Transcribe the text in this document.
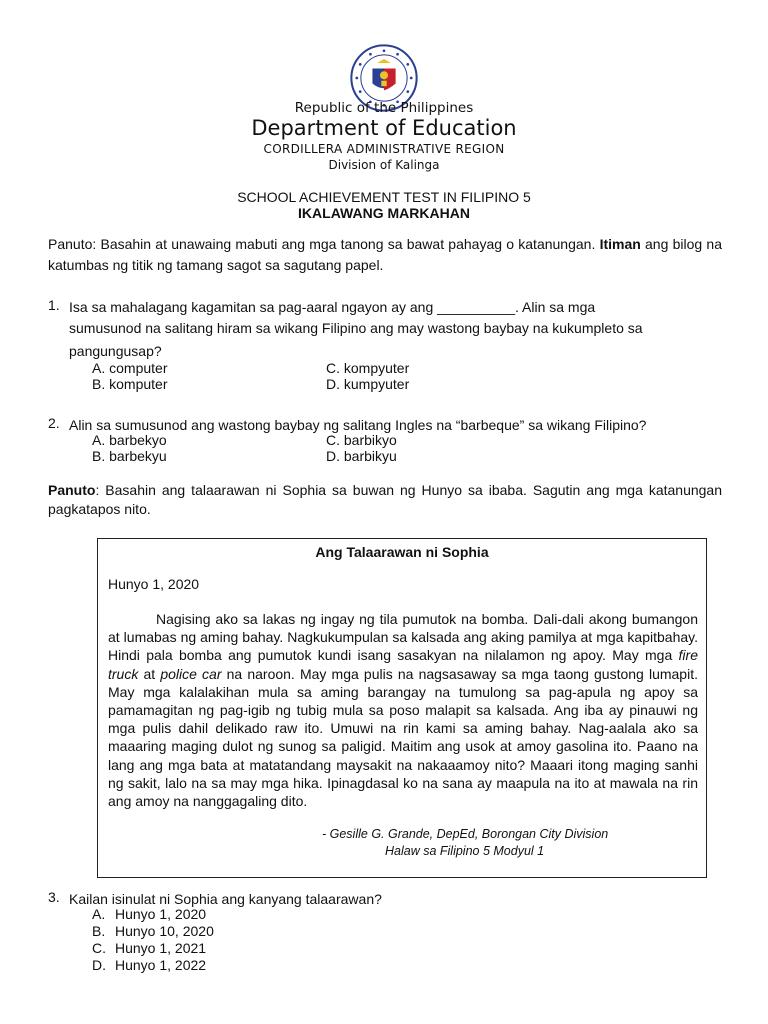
Republic of the Philippines
Department of Education
CORDILLERA ADMINISTRATIVE REGION
Division of Kalinga
SCHOOL ACHIEVEMENT TEST IN FILIPINO 5
IKALAWANG MARKAHAN
Panuto: Basahin at unawaing mabuti ang mga tanong sa bawat pahayag o katanungan. Itiman ang bilog na katumbas ng titik ng tamang sagot sa sagutang papel.
1. Isa sa mahalagang kagamitan sa pag-aaral ngayon ay ang __________. Alin sa mga
sumusunod na salitang hiram sa wikang Filipino ang may wastong baybay na kukumpleto sa
pangungusap?
A. computer
B. komputer
C. kompyuter
D. kumpyuter
2. Alin sa sumusunod ang wastong baybay ng salitang Ingles na “barbeque” sa wikang Filipino?
A. barbekyo
B. barbekyu
C. barbikyo
D. barbikyu
Panuto: Basahin ang talaarawan ni Sophia sa buwan ng Hunyo sa ibaba. Sagutin ang mga katanungan pagkatapos nito.
Ang Talaarawan ni Sophia
Hunyo 1, 2020
Nagising ako sa lakas ng ingay ng tila pumutok na bomba. Dali-dali akong bumangon at lumabas ng aming bahay. Nagkukumpulan sa kalsada ang aking pamilya at mga kapitbahay. Hindi pala bomba ang pumutok kundi isang sasakyan na nilalamon ng apoy. May mga fire truck at police car na naroon. May mga pulis na nagsasaway sa mga taong gustong lumapit. May mga kalalakihan mula sa aming barangay na tumulong sa pag-apula ng apoy sa pamamagitan ng pag-igib ng tubig mula sa poso malapit sa kalsada. Ang iba ay pinauwi ng mga pulis dahil delikado raw ito. Umuwi na rin kami sa aming bahay. Nag-aalala ako sa maaaring maging dulot ng sunog sa paligid. Maitim ang usok at amoy gasolina ito. Paano na lang ang mga bata at matatandang maysakit na nakaaamoy nito? Maaari itong maging sanhi ng sakit, lalo na sa may mga hika. Ipinagdasal ko na sana ay maapula na ito at mawala na rin ang amoy na nanggagaling dito.
- Gesille G. Grande, DepEd, Borongan City Division
Halaw sa Filipino 5 Modyul 1
3. Kailan isinulat ni Sophia ang kanyang talaarawan?
A. Hunyo 1, 2020
B. Hunyo 10, 2020
C. Hunyo 1, 2021
D. Hunyo 1, 2022
